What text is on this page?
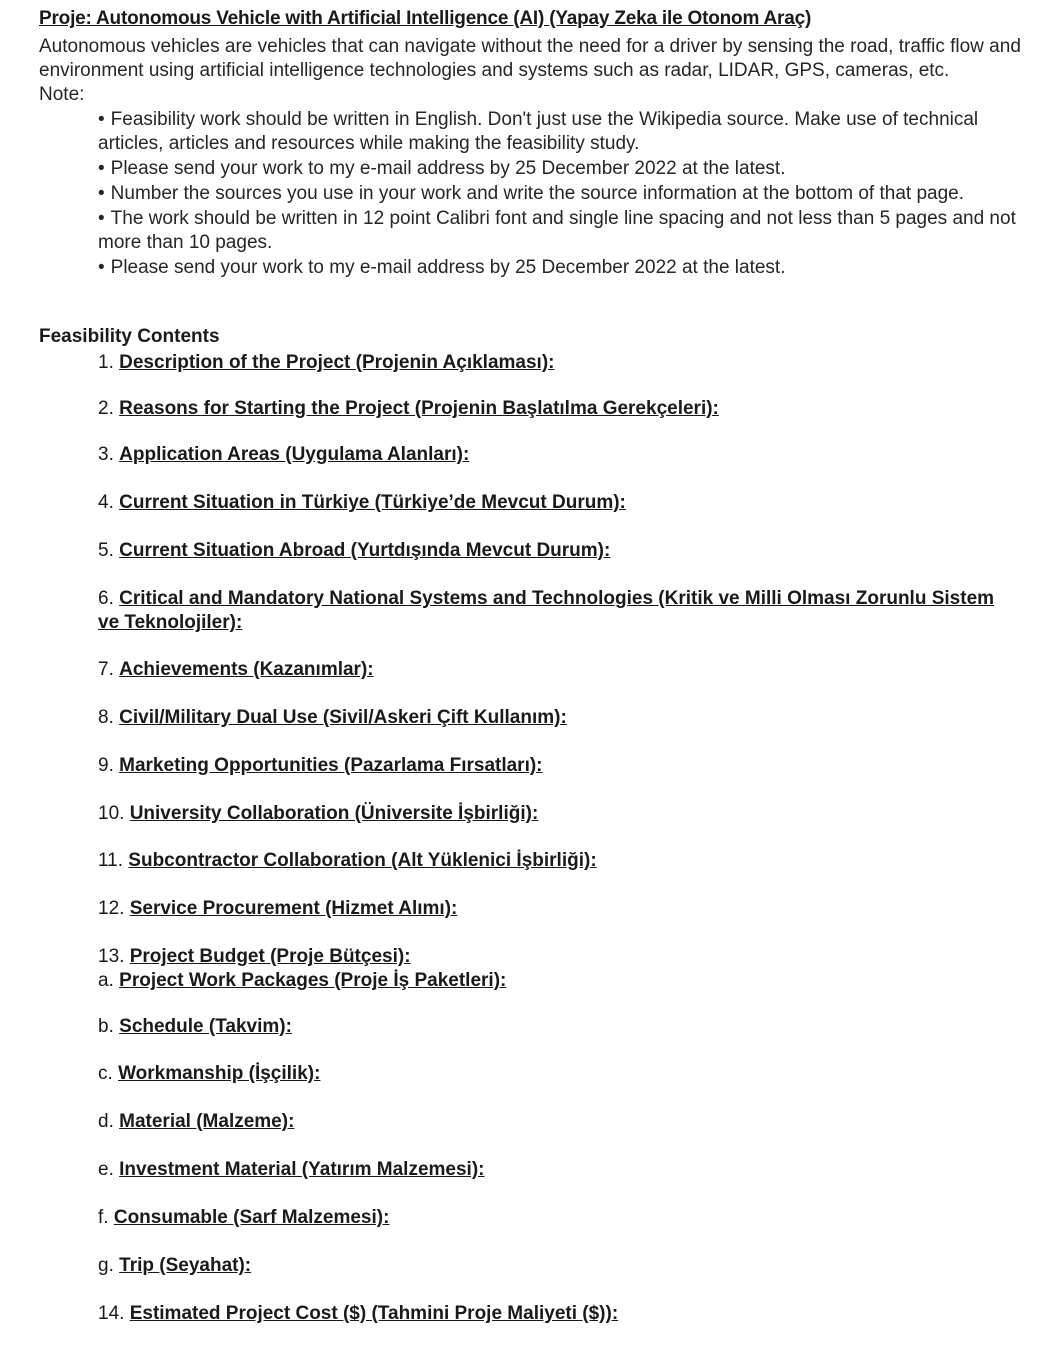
Proje: Autonomous Vehicle with Artificial Intelligence (AI) (Yapay Zeka ile Otonom Araç)
Autonomous vehicles are vehicles that can navigate without the need for a driver by sensing the road, traffic flow and environment using artificial intelligence technologies and systems such as radar, LIDAR, GPS, cameras, etc.
Note:
• Feasibility work should be written in English. Don't just use the Wikipedia source. Make use of technical articles, articles and resources while making the feasibility study.
• Please send your work to my e-mail address by 25 December 2022 at the latest.
• Number the sources you use in your work and write the source information at the bottom of that page.
• The work should be written in 12 point Calibri font and single line spacing and not less than 5 pages and not more than 10 pages.
• Please send your work to my e-mail address by 25 December 2022 at the latest.
Feasibility Contents
1. Description of the Project (Projenin Açıklaması):
2. Reasons for Starting the Project (Projenin Başlatılma Gerekçeleri):
3. Application Areas (Uygulama Alanları):
4. Current Situation in Türkiye (Türkiye’de Mevcut Durum):
5. Current Situation Abroad (Yurtdışında Mevcut Durum):
6. Critical and Mandatory National Systems and Technologies (Kritik ve Milli Olması Zorunlu Sistem ve Teknolojiler):
7. Achievements (Kazanımlar):
8. Civil/Military Dual Use (Sivil/Askeri Çift Kullanım):
9. Marketing Opportunities (Pazarlama Fırsatları):
10. University Collaboration (Üniversite İşbirliği):
11. Subcontractor Collaboration (Alt Yüklenici İşbirliği):
12. Service Procurement (Hizmet Alımı):
13. Project Budget (Proje Bütçesi):
a. Project Work Packages (Proje İş Paketleri):
b. Schedule (Takvim):
c. Workmanship (İşçilik):
d. Material (Malzeme):
e. Investment Material (Yatırım Malzemesi):
f. Consumable (Sarf Malzemesi):
g. Trip (Seyahat):
14. Estimated Project Cost ($) (Tahmini Proje Maliyeti ($)):
